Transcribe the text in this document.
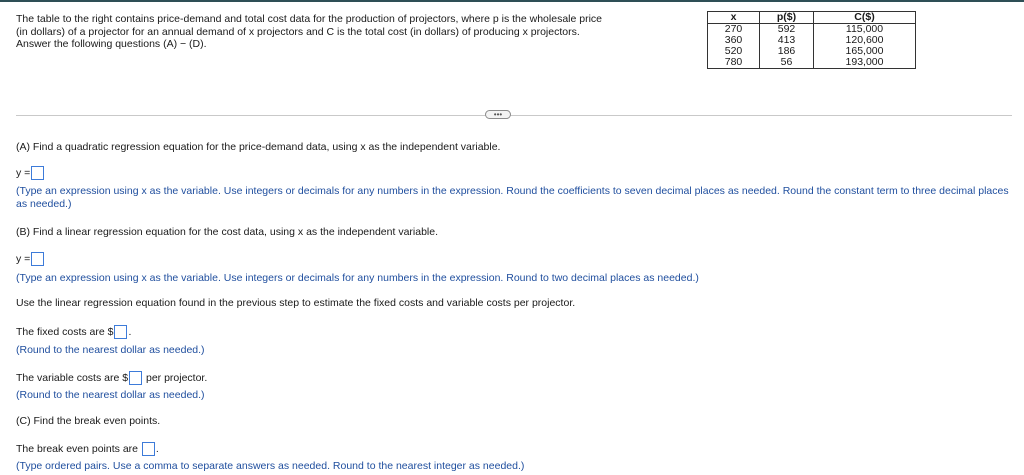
The table to the right contains price-demand and total cost data for the production of projectors, where p is the wholesale price (in dollars) of a projector for an annual demand of x projectors and C is the total cost (in dollars) of producing x projectors. Answer the following questions (A) − (D).

x	p($)	C($)
270	592	115,000
360	413	120,600
520	186	165,000
780	56	193,000
•••

(A) Find a quadratic regression equation for the price-demand data, using x as the independent variable.

y =

(Type an expression using x as the variable. Use integers or decimals for any numbers in the expression. Round the coefficients to seven decimal places as needed. Round the constant term to three decimal places as needed.)

(B) Find a linear regression equation for the cost data, using x as the independent variable.

y =

(Type an expression using x as the variable. Use integers or decimals for any numbers in the expression. Round to two decimal places as needed.)

Use the linear regression equation found in the previous step to estimate the fixed costs and variable costs per projector.

The fixed costs are $ .

(Round to the nearest dollar as needed.)

The variable costs are $ per projector.

(Round to the nearest dollar as needed.)

(C) Find the break even points.

The break even points are .

(Type ordered pairs. Use a comma to separate answers as needed. Round to the nearest integer as needed.)
